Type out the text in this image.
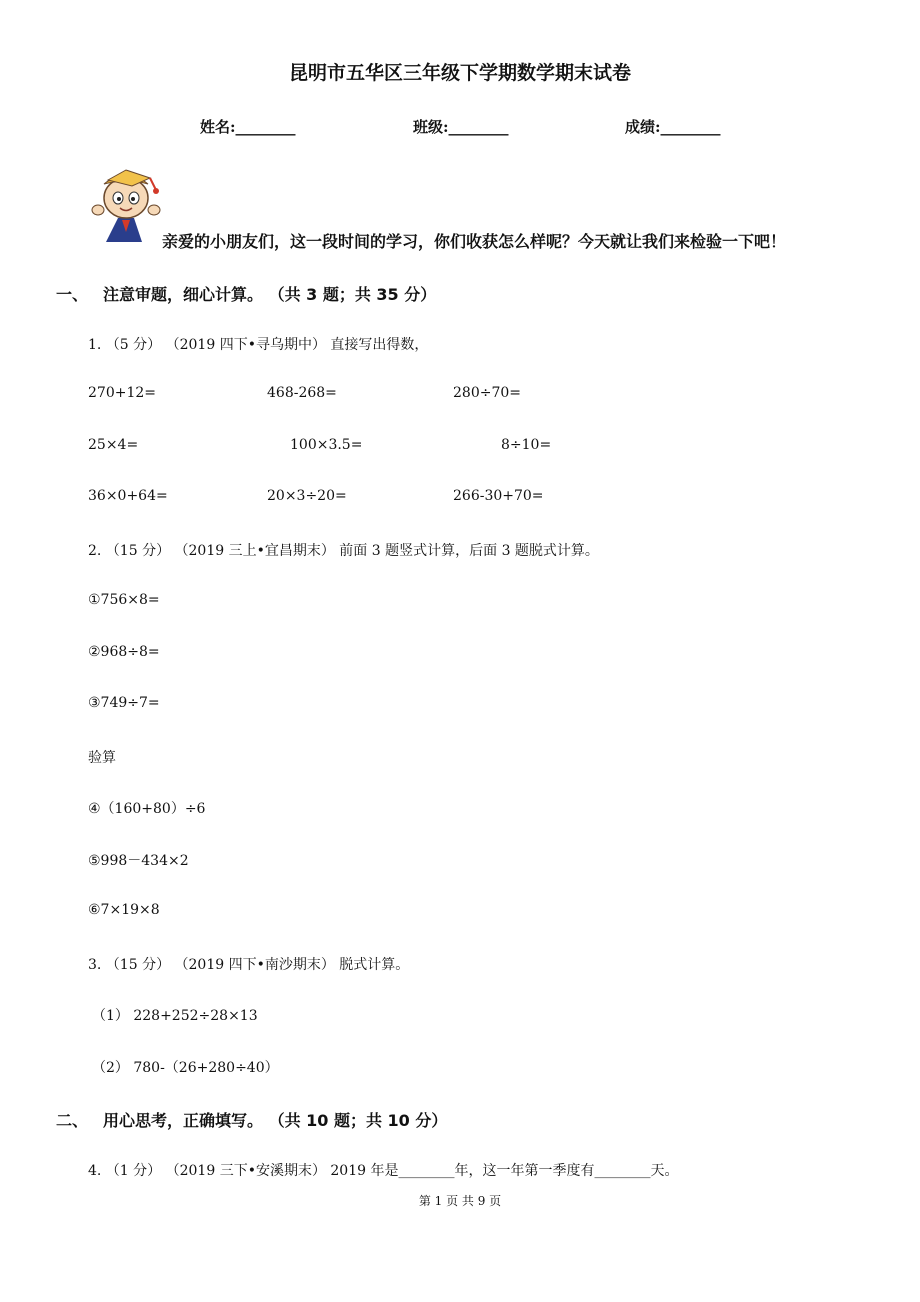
昆明市五华区三年级下学期数学期末试卷
姓名:________	班级:________	成绩:________
亲爱的小朋友们，这一段时间的学习，你们收获怎么样呢？今天就让我们来检验一下吧！
一、 注意审题，细心计算。 （共 3 题；共 35 分）
1. （5 分） （2019 四下•寻乌期中） 直接写出得数，
270+12=	468-268=	280÷70=
25×4=	100×3.5=	8÷10=
36×0+64=	20×3÷20=	266-30+70=
2. （15 分） （2019 三上•宜昌期末） 前面 3 题竖式计算，后面 3 题脱式计算。
①756×8=
②968÷8=
③749÷7=
验算
④（160+80）÷6
⑤998－434×2
⑥7×19×8
3. （15 分） （2019 四下•南沙期末） 脱式计算。
（1） 228+252÷28×13
（2） 780-（26+280÷40）
二、 用心思考，正确填写。 （共 10 题；共 10 分）
4. （1 分） （2019 三下•安溪期末） 2019 年是________年，这一年第一季度有________天。
第 1 页 共 9 页
